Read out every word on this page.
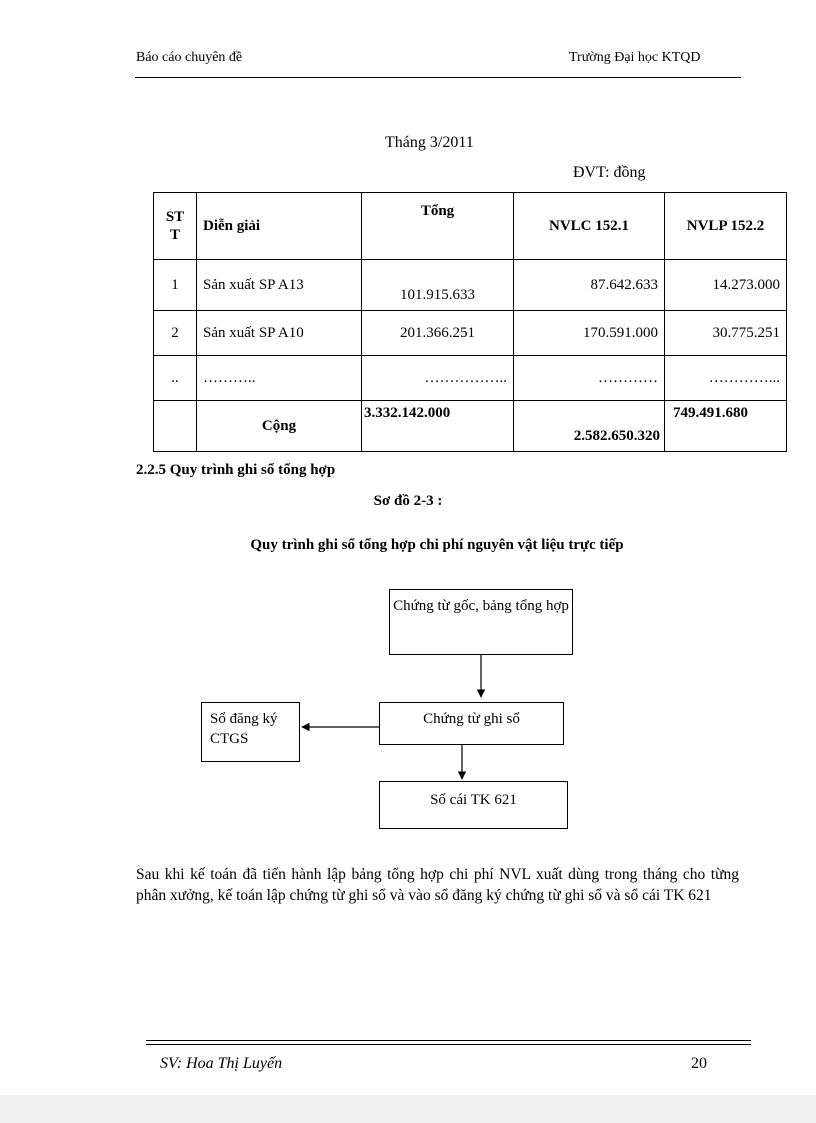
Báo cáo chuyên đề	Trường Đại học KTQD
Tháng 3/2011
ĐVT: đồng
ST T	Diễn giải	Tổng	NVLC 152.1	NVLP 152.2
1	Sản xuất SP A13	101.915.633	87.642.633	14.273.000
2	Sản xuất SP A10	201.366.251	170.591.000	30.775.251
..	………..	……………..	…………	…………...
	Cộng	3.332.142.000	2.582.650.320	749.491.680
2.2.5 Quy trình ghi sổ tổng hợp
Sơ đồ 2-3 :
Quy trình ghi sổ tổng hợp chi phí nguyên vật liệu trực tiếp
Chứng từ gốc, bảng tổng hợp
Chứng từ ghi sổ
Sổ đăng ký CTGS
Sổ cái TK 621
Sau khi kế toán đã tiến hành lập bảng tổng hợp chi phí NVL xuất dùng trong tháng cho từng phân xưởng, kế toán lập chứng từ ghi sổ và vào sổ đăng ký chứng từ ghi sổ và sổ cái TK 621
SV: Hoa Thị Luyến	20
